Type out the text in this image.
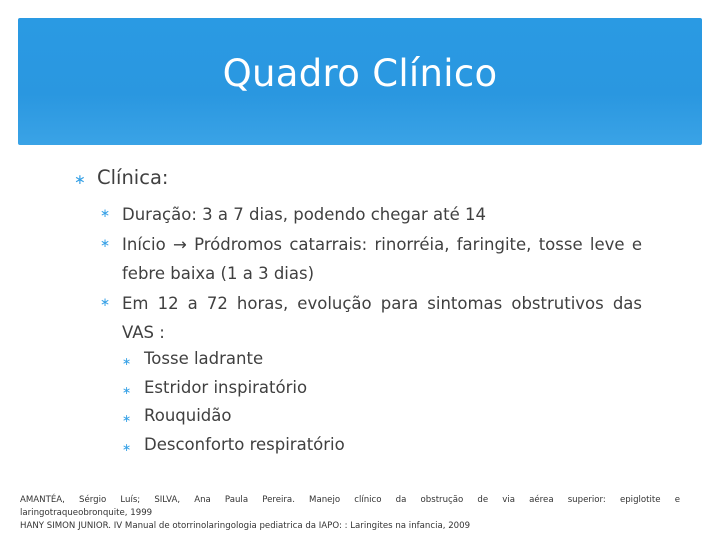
Quadro Clínico
∗ Clínica:
∗ Duração: 3 a 7 dias, podendo chegar até 14
∗ Início → Pródromos catarrais: rinorréia, faringite, tosse leve e febre baixa (1 a 3 dias)
∗ Em 12 a 72 horas, evolução para sintomas obstrutivos das VAS :
∗ Tosse ladrante
∗ Estridor inspiratório
∗ Rouquidão
∗ Desconforto respiratório
AMANTÉA, Sérgio Luís; SILVA, Ana Paula Pereira. Manejo clínico da obstrução de via aérea superior: epiglotite e
laringotraqueobronquite, 1999
HANY SIMON JUNIOR. IV Manual de otorrinolaringologia pediatrica da IAPO: : Laringites na infancia, 2009
